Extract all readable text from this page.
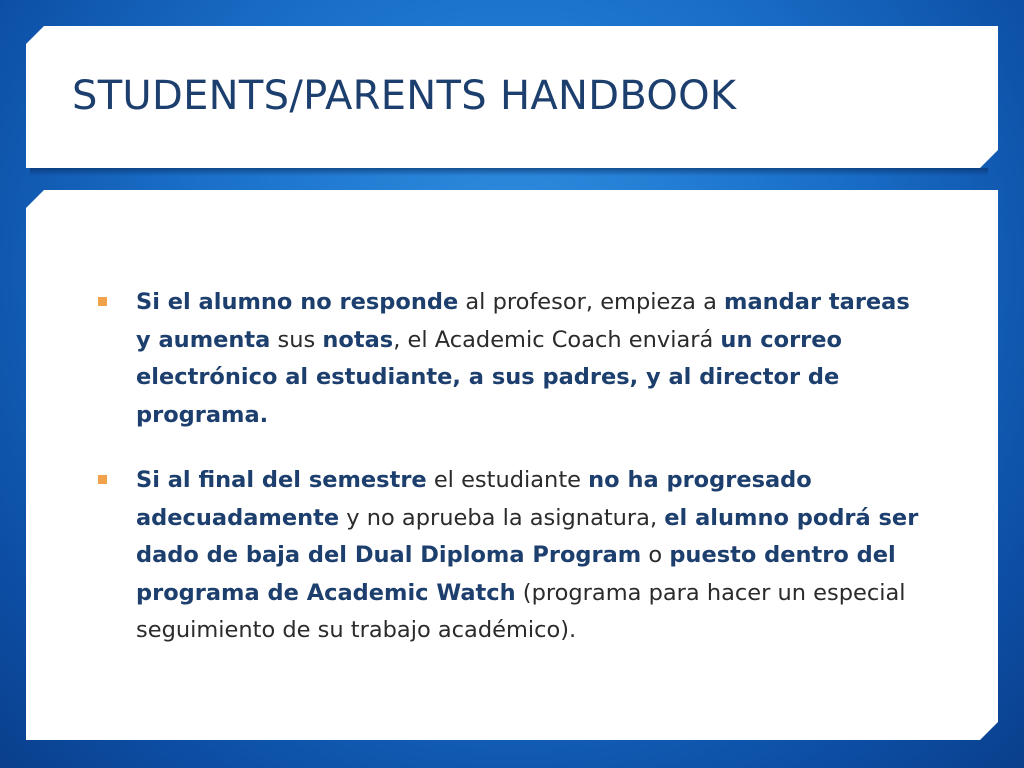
STUDENTS/PARENTS HANDBOOK
Si el alumno no responde al profesor, empieza a mandar tareas y aumenta sus notas, el Academic Coach enviará un correo electrónico al estudiante, a sus padres, y al director de programa.
Si al final del semestre el estudiante no ha progresado adecuadamente y no aprueba la asignatura, el alumno podrá ser dado de baja del Dual Diploma Program o puesto dentro del programa de Academic Watch (programa para hacer un especial seguimiento de su trabajo académico).
